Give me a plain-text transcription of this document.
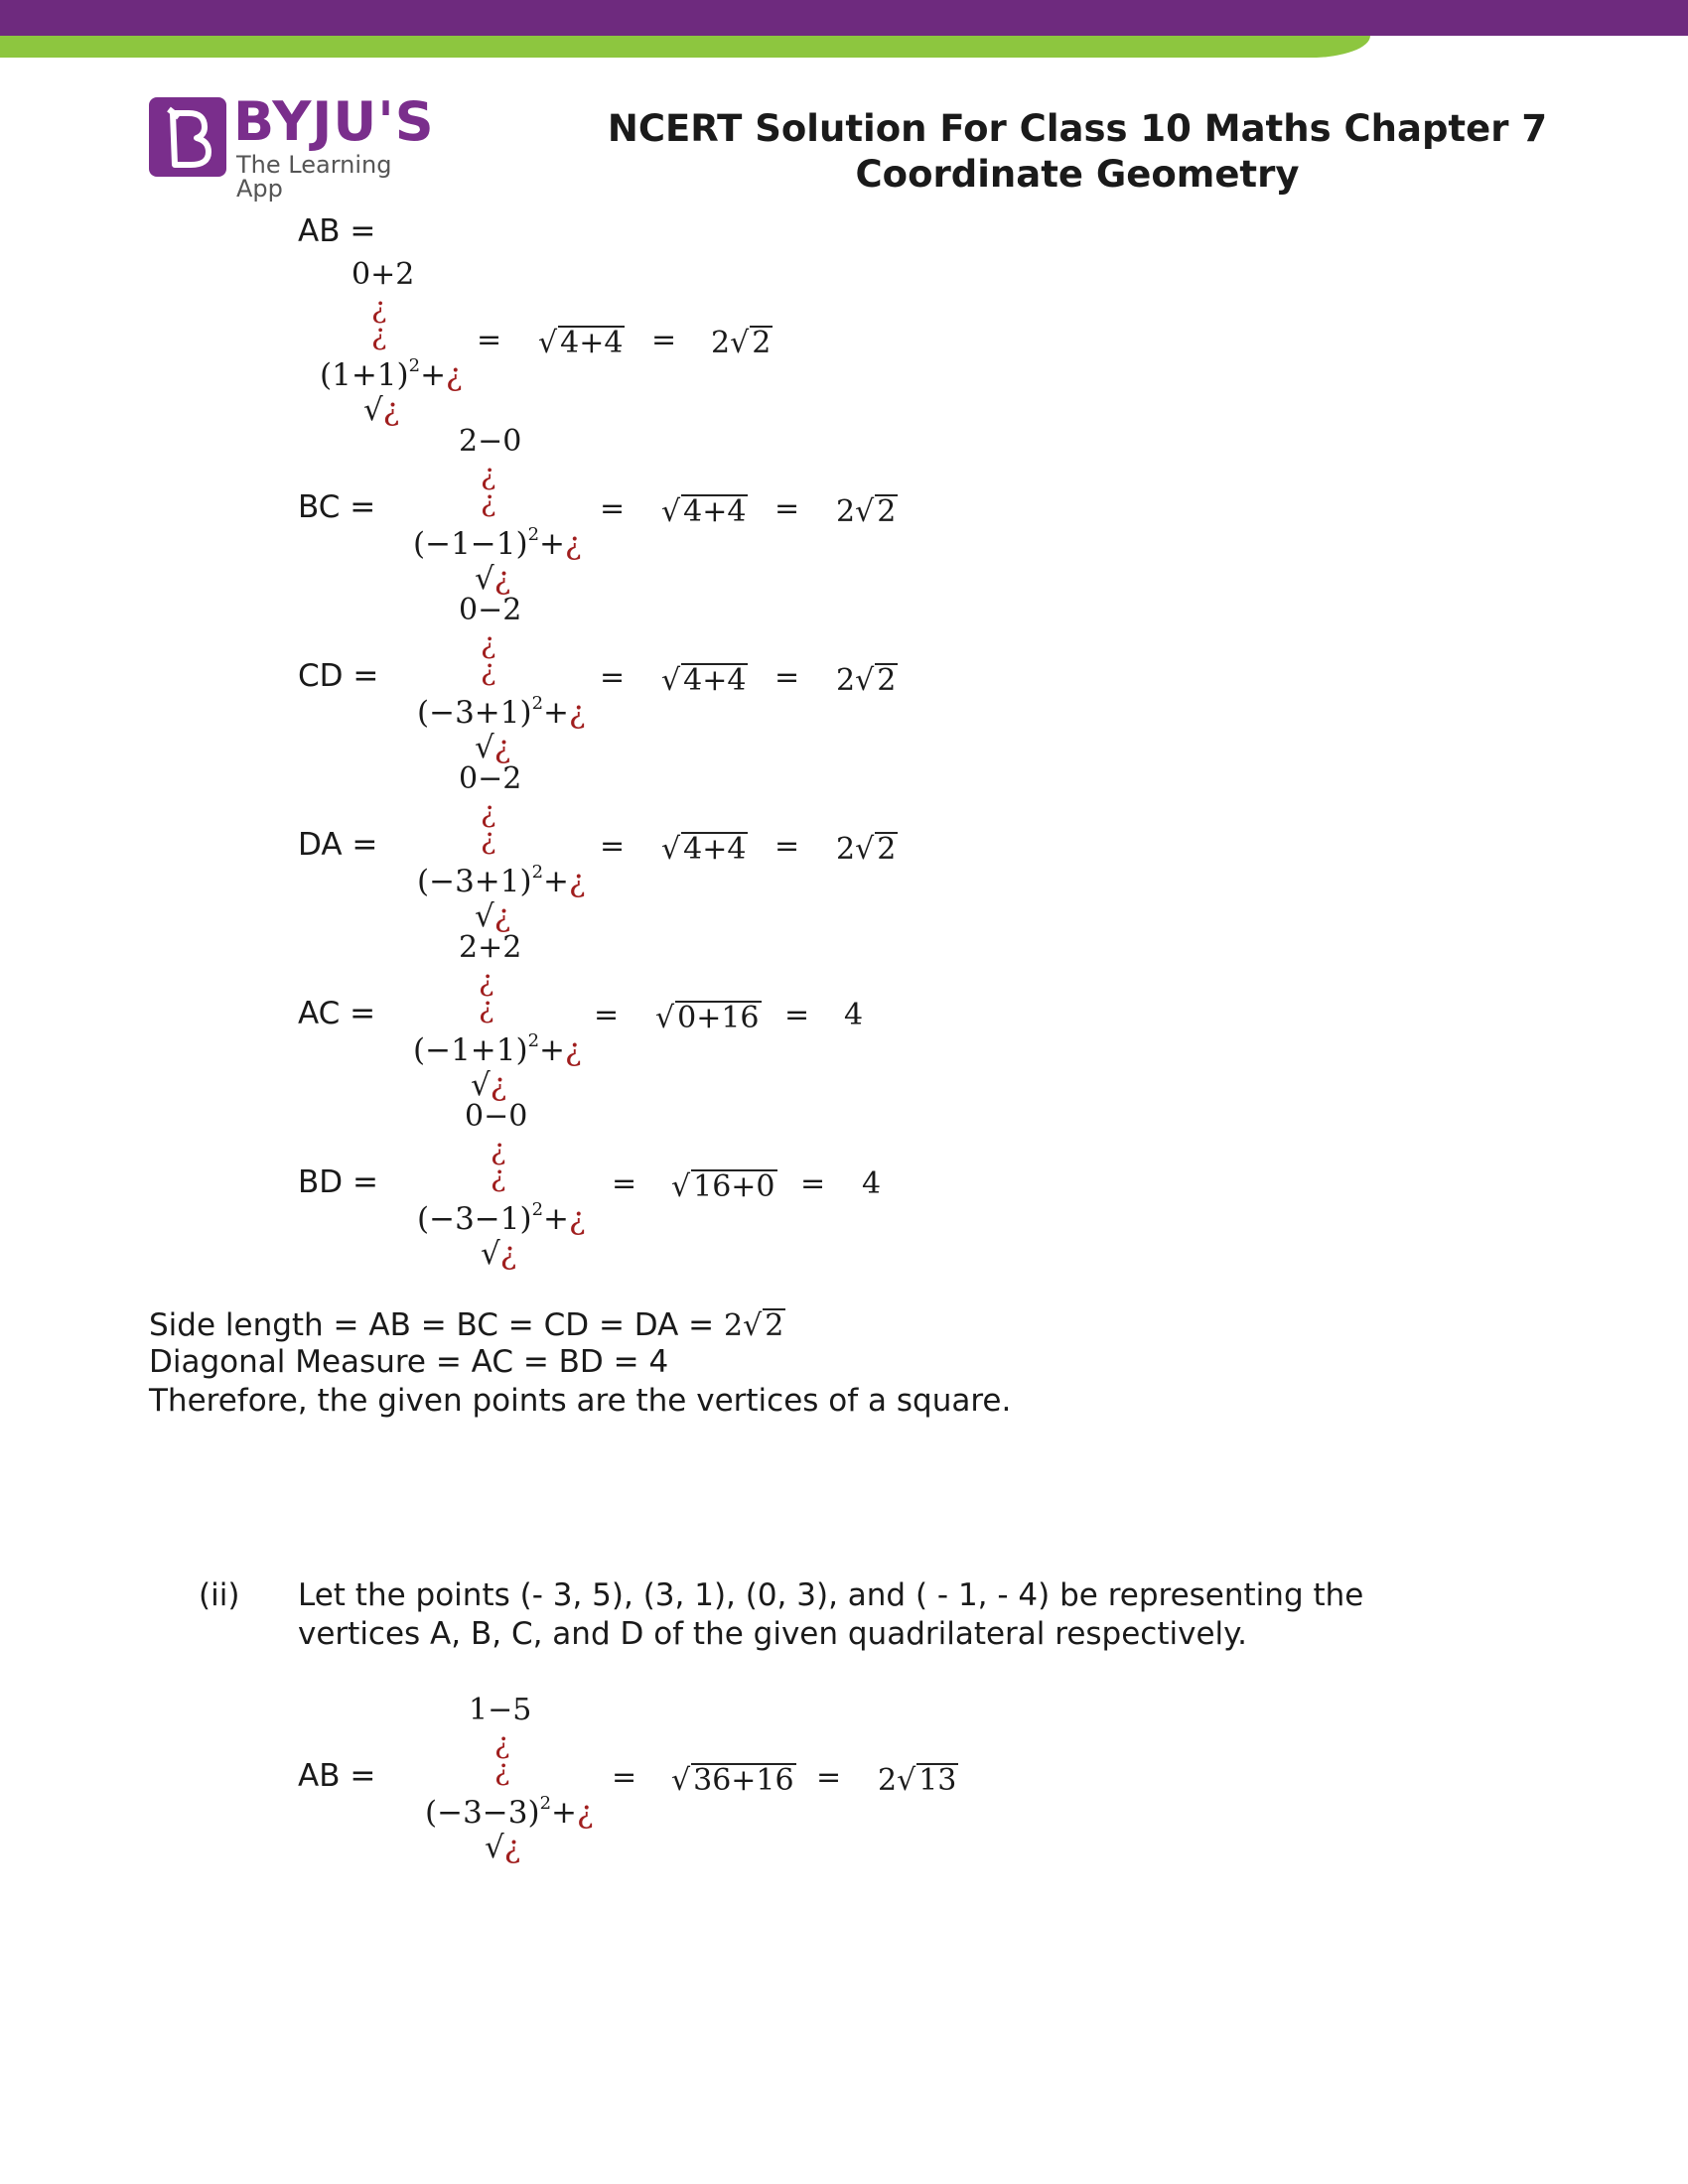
BYJU'S
The Learning App
NCERT Solution For Class 10 Maths Chapter 7
Coordinate Geometry
AB =
0+2
¿
¿
$(1+1)^2+¿$
√¿
= √ 4+4 = 2√ 2
2−0
¿
¿
BC =
$(-1-1)^2+¿$
√¿
= √ 4+4 = 2√ 2
0−2
¿
¿
CD =
$(-3+1)^2+¿$
√¿
= √ 4+4 = 2√ 2
0−2
¿
¿
DA =
$(-3+1)^2+¿$
√¿
= √ 4+4 = 2√ 2
2+2
¿
¿
AC =
$(-1+1)^2+¿$
√¿
= √ 0+16 = 4
0−0
¿
¿
BD =
$(-3-1)^2+¿$
√¿
= √ 16+0 = 4
Side length = AB = BC = CD = DA = 2√ 2
Diagonal Measure = AC = BD = 4
Therefore, the given points are the vertices of a square.
(ii) Let the points (- 3, 5), (3, 1), (0, 3), and ( - 1, - 4) be representing the
vertices A, B, C, and D of the given quadrilateral respectively.
1−5
¿
¿
AB =
$(-3-3)^2+¿$
√¿
= √ 36+16 = 2√ 13
